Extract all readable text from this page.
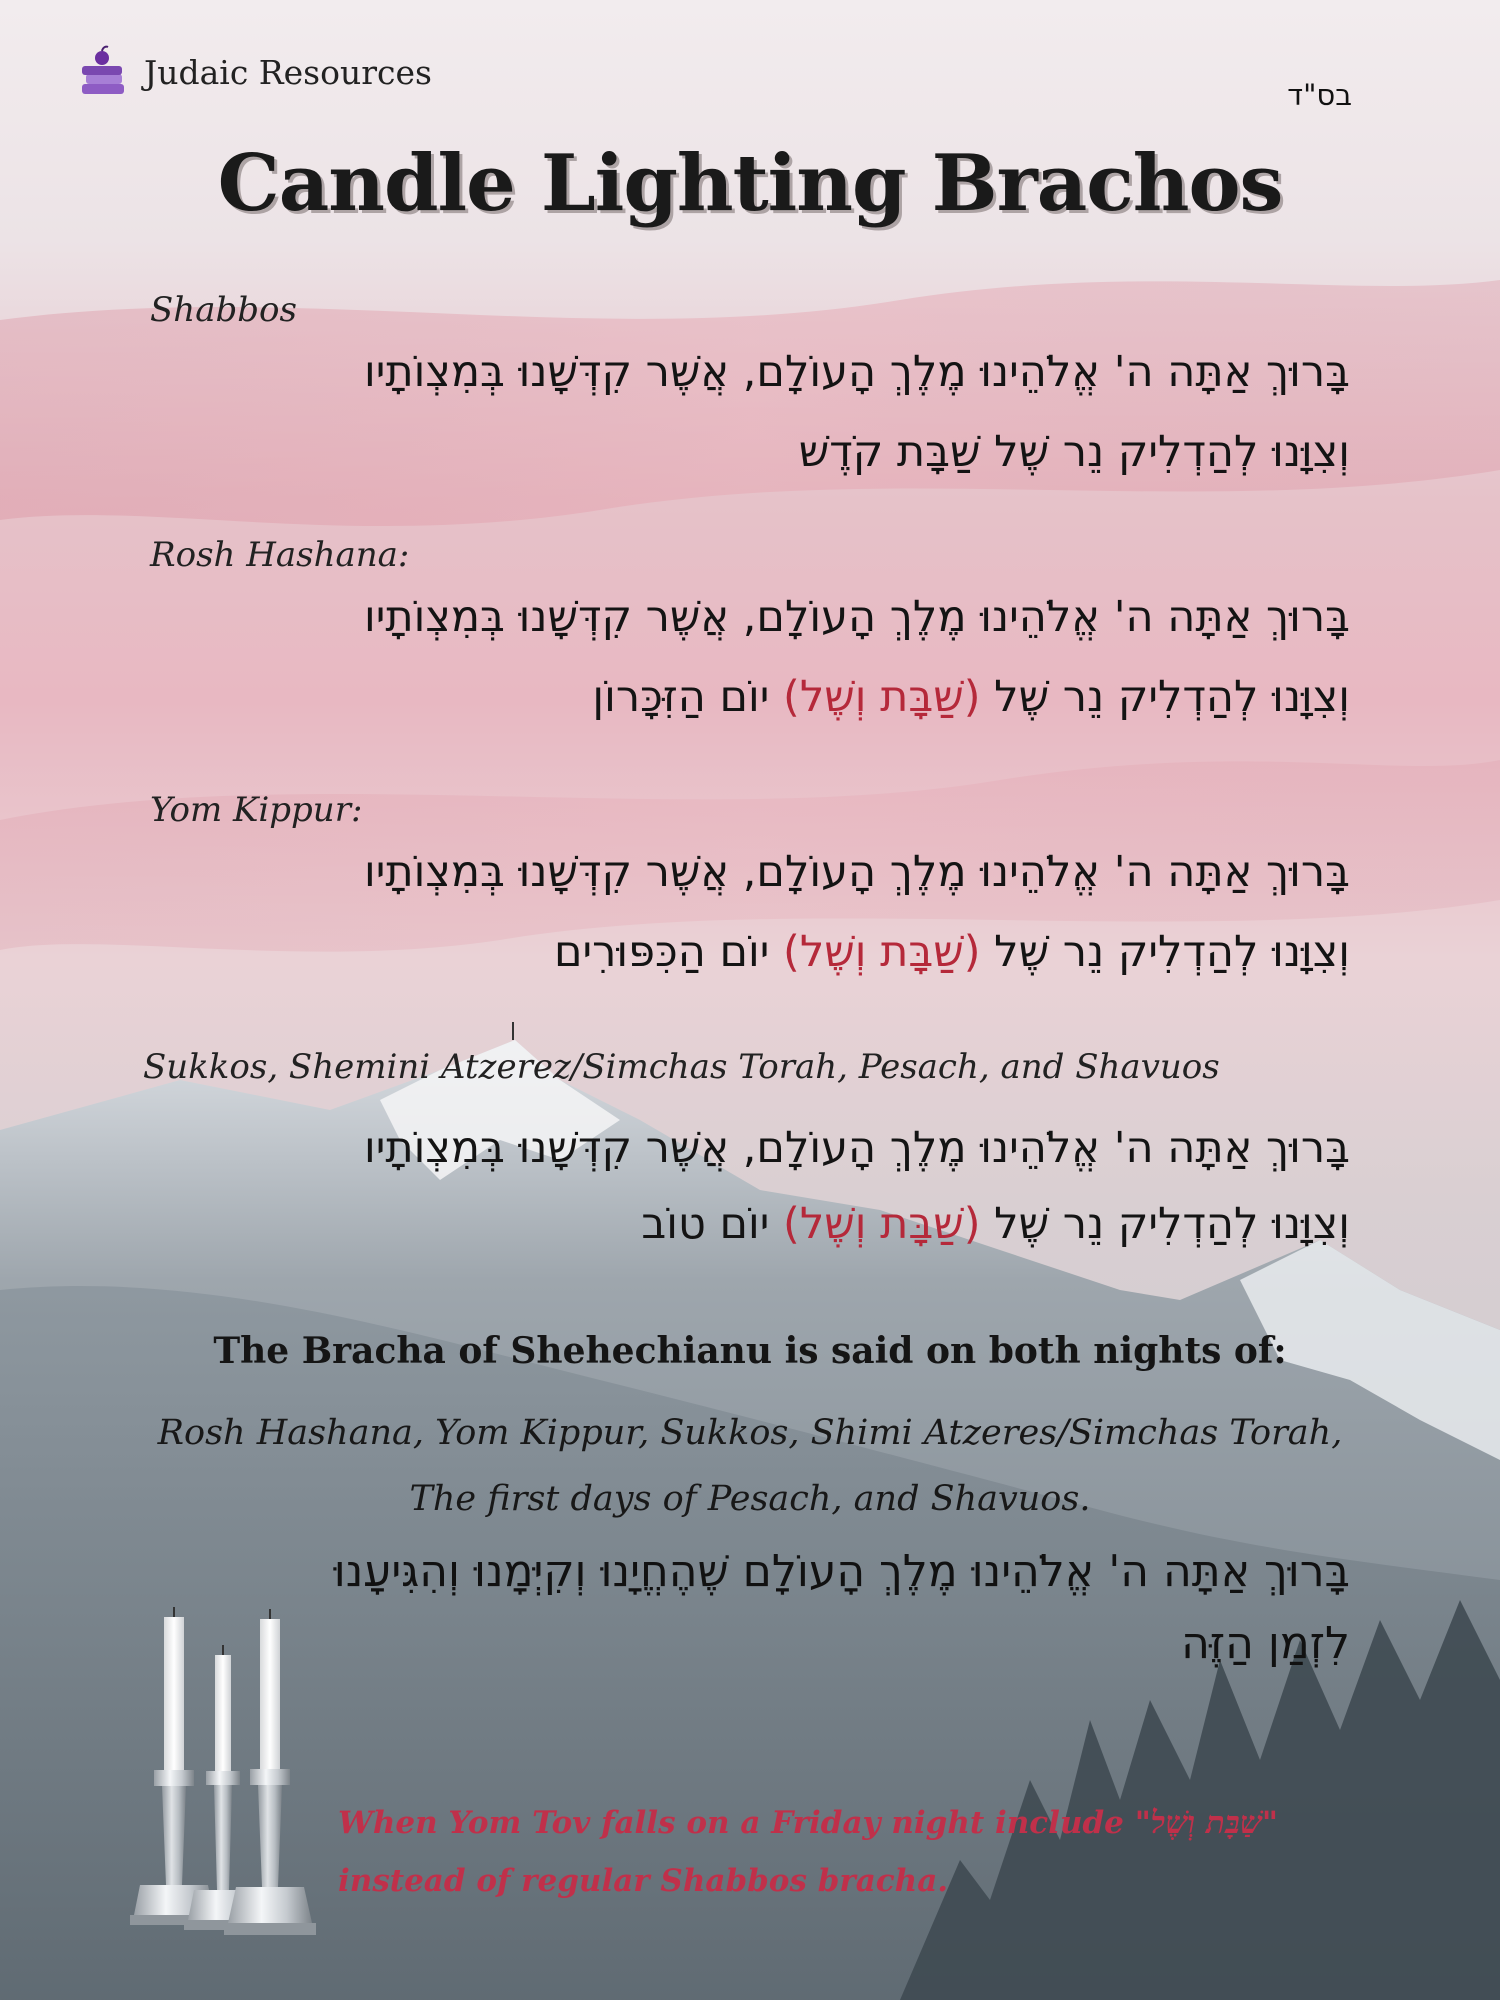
Judaic Resources
בס"ד
Candle Lighting Brachos
Shabbos
בָּרוּךְ אַתָּה ה' אֱלֹהֵינוּ מֶלֶךְ הָעוֹלָם, אֲשֶׁר קִדְּשָׁנוּ בְּמִצְוֹתָיו
וְצִוָּנוּ לְהַדְלִיק נֵר שֶׁל שַׁבָּת קֹדֶשׁ
Rosh Hashana:
בָּרוּךְ אַתָּה ה' אֱלֹהֵינוּ מֶלֶךְ הָעוֹלָם, אֲשֶׁר קִדְּשָׁנוּ בְּמִצְוֹתָיו
וְצִוָּנוּ לְהַדְלִיק נֵר שֶׁל (שַׁבָּת וְשֶׁל) יוֹם הַזִּכָּרוֹן
Yom Kippur:
בָּרוּךְ אַתָּה ה' אֱלֹהֵינוּ מֶלֶךְ הָעוֹלָם, אֲשֶׁר קִדְּשָׁנוּ בְּמִצְוֹתָיו
וְצִוָּנוּ לְהַדְלִיק נֵר שֶׁל (שַׁבָּת וְשֶׁל) יוֹם הַכִּפּוּרִים
Sukkos, Shemini Atzerez/Simchas Torah, Pesach, and Shavuos
בָּרוּךְ אַתָּה ה' אֱלֹהֵינוּ מֶלֶךְ הָעוֹלָם, אֲשֶׁר קִדְּשָׁנוּ בְּמִצְוֹתָיו
וְצִוָּנוּ לְהַדְלִיק נֵר שֶׁל (שַׁבָּת וְשֶׁל) יוֹם טוֹב
The Bracha of Shehechianu is said on both nights of:
Rosh Hashana, Yom Kippur, Sukkos, Shimi Atzeres/Simchas Torah,
The first days of Pesach, and Shavuos.
בָּרוּךְ אַתָּה ה' אֱלֹהֵינוּ מֶלֶךְ הָעוֹלָם שֶׁהֶחֱיָנוּ וְקִיְּמָנוּ וְהִגִּיעָנוּ
לִזְמַן הַזֶּה
When Yom Tov falls on a Friday night include "שַׁבָּת וְשֶׁל"
instead of regular Shabbos bracha.
